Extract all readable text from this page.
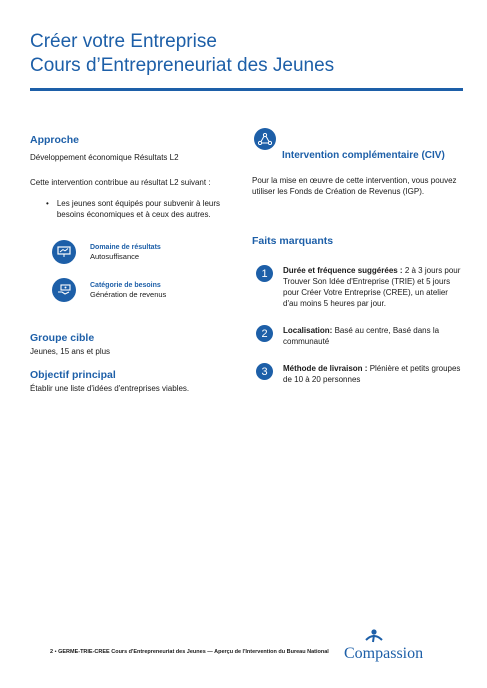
Créer votre Entreprise
Cours d’Entrepreneuriat des Jeunes
Approche
Développement économique Résultats L2
Cette intervention contribue au résultat L2 suivant :
• Les jeunes sont équipés pour subvenir à leurs besoins économiques et à ceux des autres.
Domaine de résultats
Autosuffisance
Catégorie de besoins
Génération de revenus
Groupe cible
Jeunes, 15 ans et plus
Objectif principal
Établir une liste d'idées d'entreprises viables.
Intervention complémentaire (CIV)
Pour la mise en œuvre de cette intervention, vous pouvez utiliser les Fonds de Création de Revenus (IGP).
Faits marquants
1	Durée et fréquence suggérées : 2 à 3 jours pour Trouver Son Idée d'Entreprise (TRIE) et 5 jours pour Créer Votre Entreprise (CREE), un atelier d'au moins 5 heures par jour.
2	Localisation: Basé au centre, Basé dans la communauté
3	Méthode de livraison : Plénière et petits groupes de 10 à 20 personnes
2 • GERME-TRIE-CREE Cours d'Entrepreneuriat des Jeunes — Aperçu de l'Intervention du Bureau National Compassion
